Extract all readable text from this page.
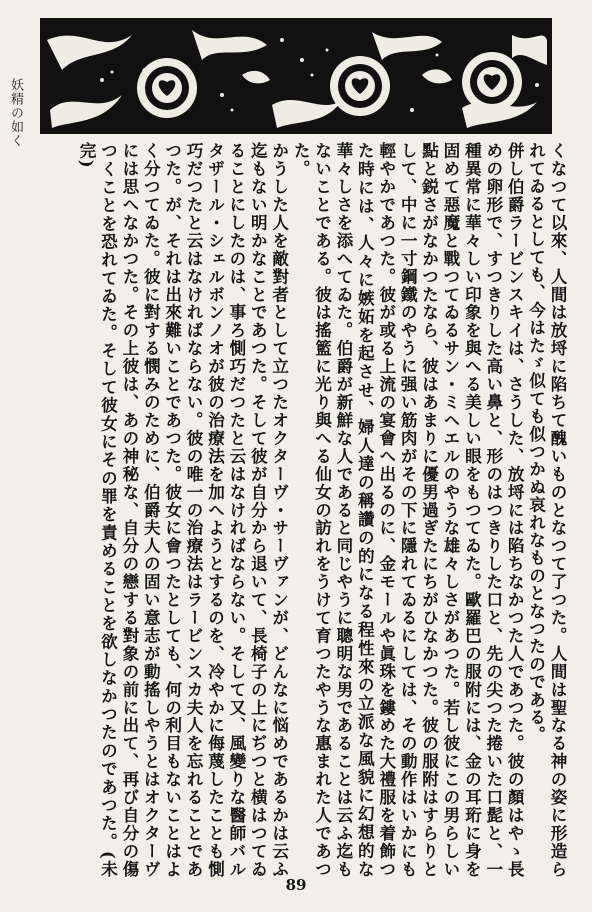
妖精の如く

くなつて以來、人間は放埒に陷ちて醜いものとなつて了つた。人間は聖なる神の姿に形造られてゐるとしても、今はたゞ似ても似つかぬ哀れなものとなつたのである。

併し伯爵ラービンスキイは、さうした、放埒には陷ちなかつた人であつた。彼の顏はやゝ長めの卵形で、すつきりした高い鼻と、形のはつきりした口と、先の尖つた捲いた口髭と、一種異常に華々しい印象を與へる美しい眼をもつてゐた。歐羅巴の服附には、金の耳珩に身を固めて惡魔と戰つてゐるサン・ミヘエルのやうな雄々しさがあつた。若し彼にこの男らしい點と鋭さがなかつたなら、彼はあまりに優男過ぎたにちがひなかつた。彼の服附はすらりとして、中に一寸鋼鐵のやうに强い筋肉がその下に隱れてゐるにしては、その動作はいかにも輕やかであつた。彼が或る上流の宴會へ出るのに、金モールや眞珠を鏤めた大禮服を着飾つた時には、人々に嫉妬を起させ、婦人達の稱讚の的になる程性來の立派な風貌に幻想的な華々しさを添へてゐた。伯爵が新鮮な人であると同じやうに聰明な男であることは云ふ迄もないことである。彼は搖籃に光り與へる仙女の訪れをうけて育つたやうな惠まれた人であつた。

かうした人を敵對者として立つたオクターヴ・サーヴァンが、どんなに悩めであるかは云ふ迄もない明かなことであつた。そして彼が自分から退いて、長椅子の上にぢつと横はつてゐることにしたのは、事ろ惻巧だつたと云はなければならない。そして又、風變りな醫師バルタザール・シェルボンノオが彼の治療法を加へようとするのを、冷やかに侮蔑したことも惻巧だつたと云はなければならない。彼の唯一の治療法はラービンスカ夫人を忘れることであつた。が、それは出來難いことであつた。彼女に會つたとしても、何の利目もないことはよく分つてゐた。彼に對する憫みのために、伯爵夫人の固い意志が動搖しやうとはオクターヴには思へなかつた。その上彼は、あの神秘な、自分の戀する對象の前に出て、再び自分の傷つくことを恐れてゐた。そして彼女にその罪を責めることを欲しなかつたのであつた。(未完)

89
